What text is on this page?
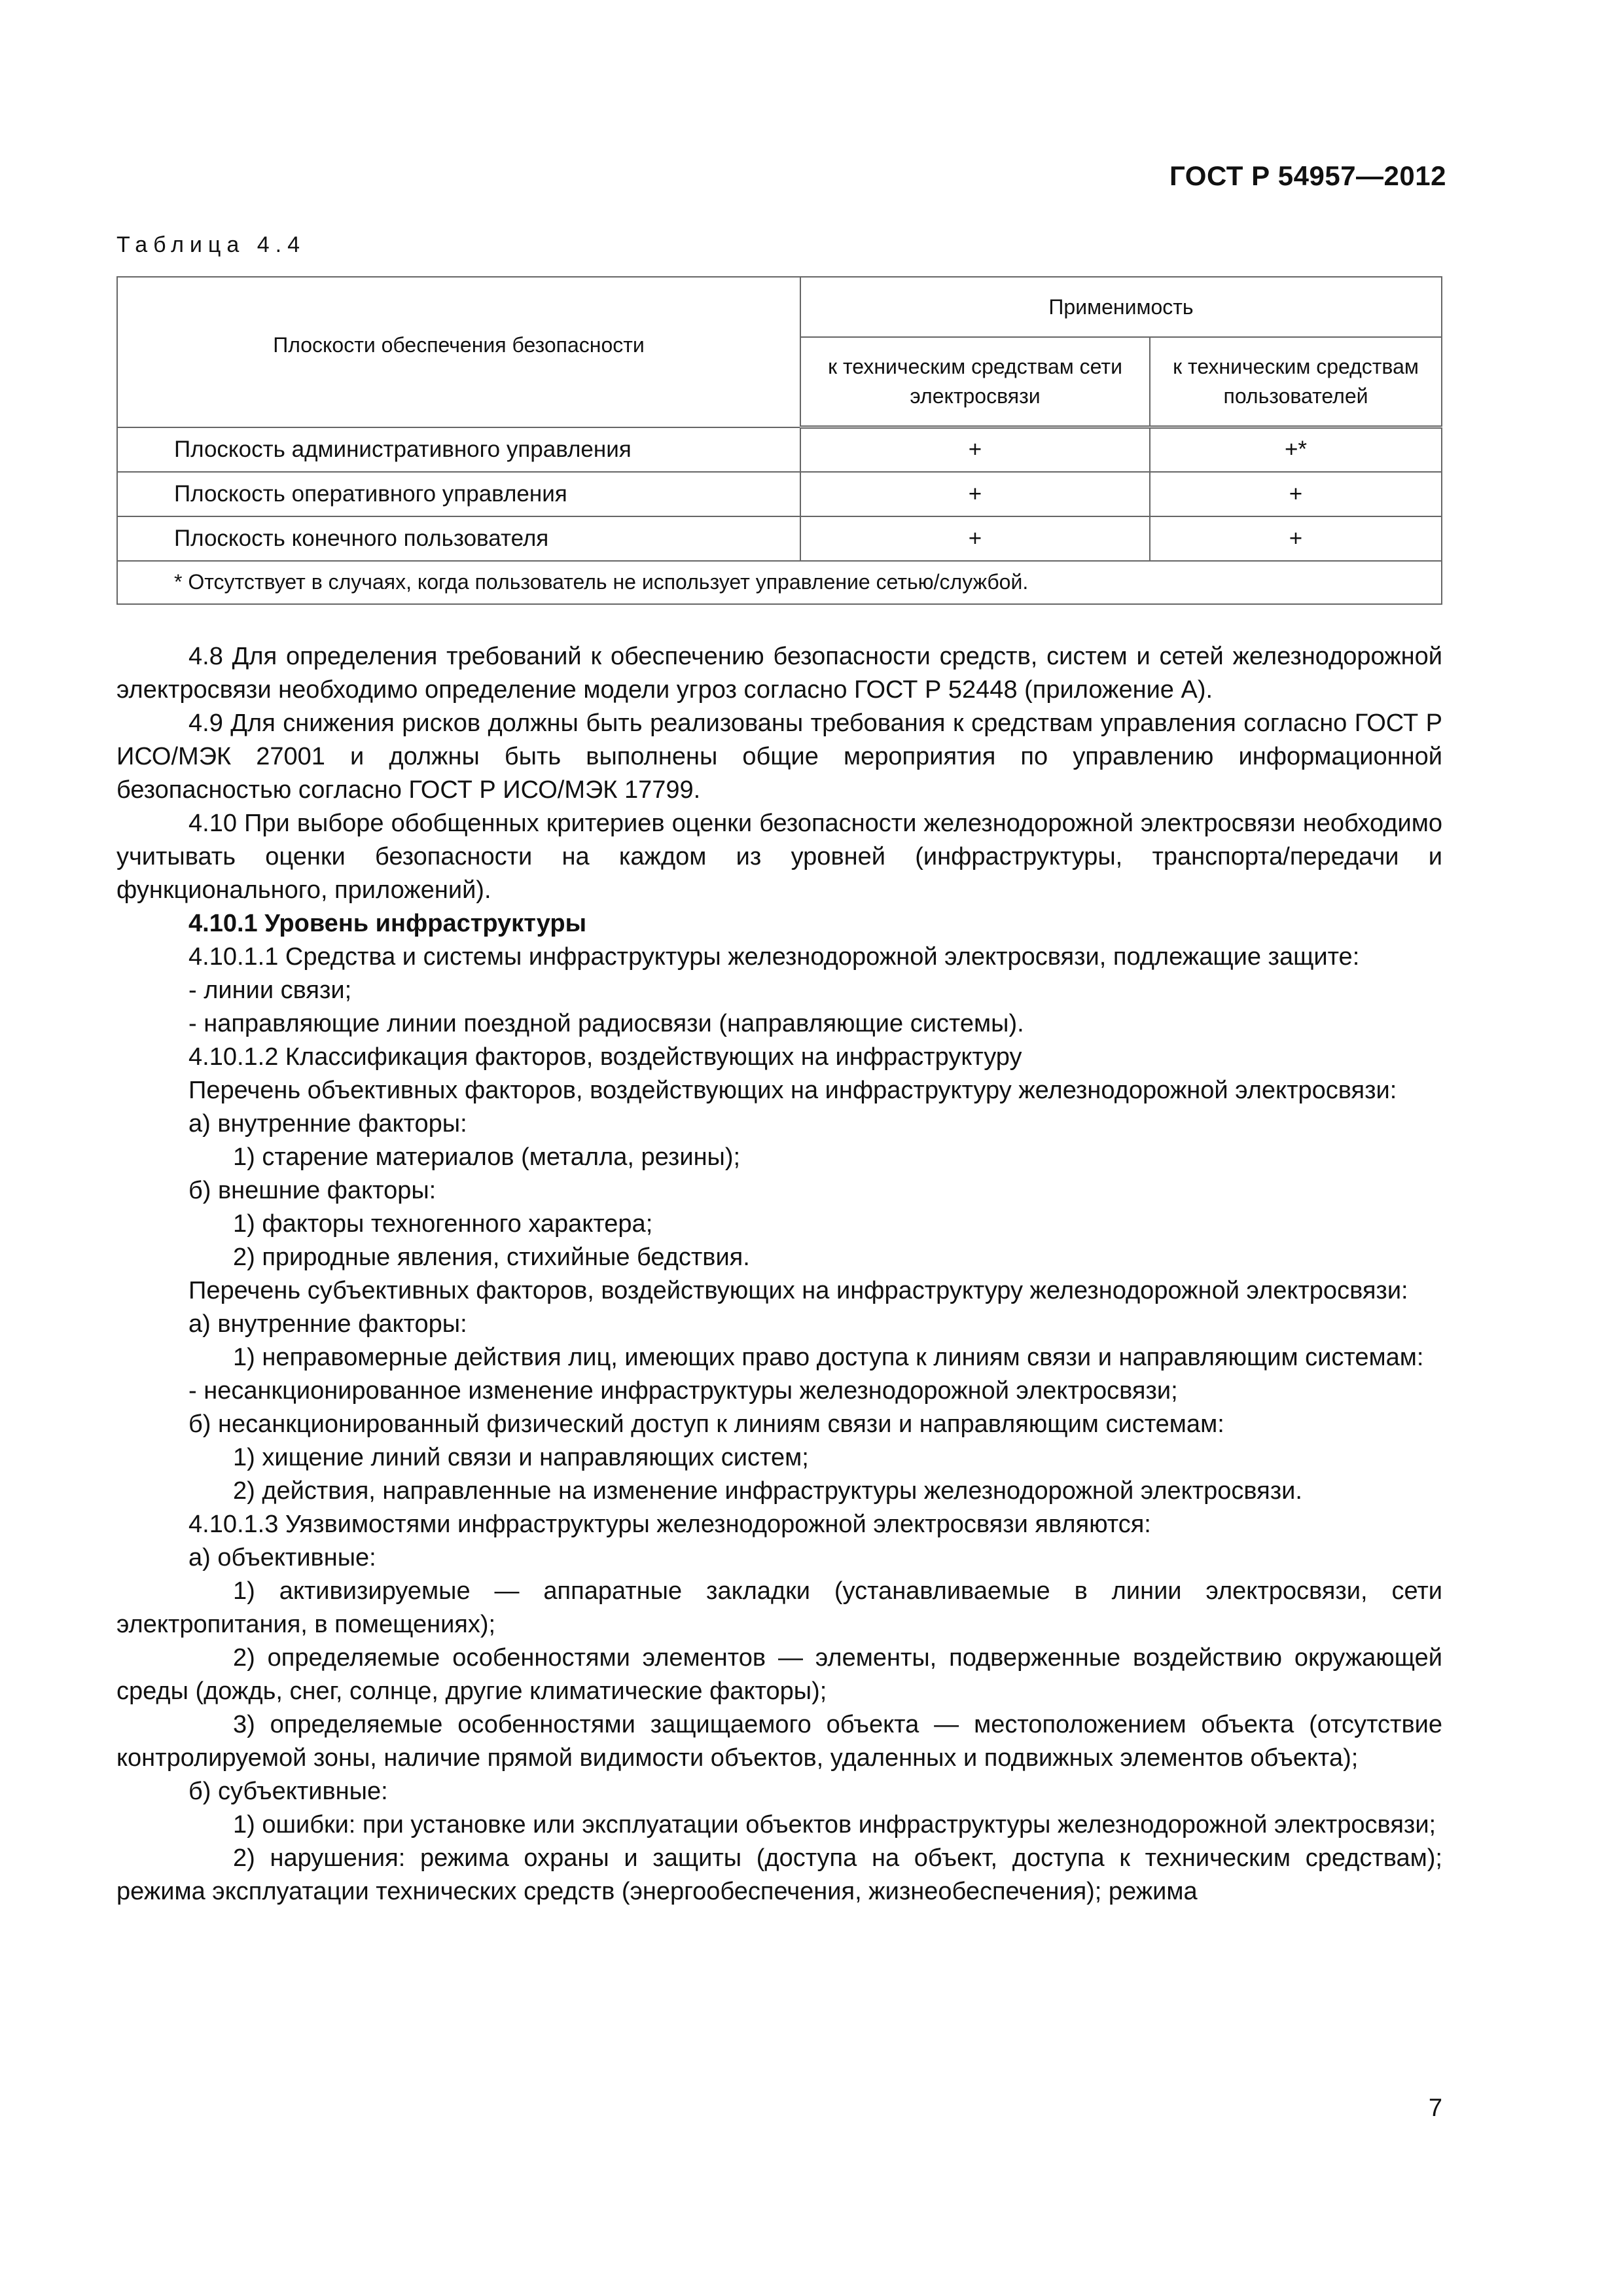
ГОСТ Р 54957—2012
Таблица 4.4
Плоскости обеспечения безопасности	Применимость	
	к техническим средствам сети электросвязи	к техническим средствам пользователей
Плоскость административного управления	+	+*
Плоскость оперативного управления	+	+
Плоскость конечного пользователя	+	+
* Отсутствует в случаях, когда пользователь не использует управление сетью/службой.		

4.8 Для определения требований к обеспечению безопасности средств, систем и сетей железнодорожной электросвязи необходимо определение модели угроз согласно ГОСТ Р 52448 (приложение А).

4.9 Для снижения рисков должны быть реализованы требования к средствам управления согласно ГОСТ Р ИСО/МЭК 27001 и должны быть выполнены общие мероприятия по управлению информационной безопасностью согласно ГОСТ Р ИСО/МЭК 17799.

4.10 При выборе обобщенных критериев оценки безопасности железнодорожной электросвязи необходимо учитывать оценки безопасности на каждом из уровней (инфраструктуры, транспорта/передачи и функционального, приложений).

4.10.1 Уровень инфраструктуры

4.10.1.1 Средства и системы инфраструктуры железнодорожной электросвязи, подлежащие защите:

- линии связи;

- направляющие линии поездной радиосвязи (направляющие системы).

4.10.1.2 Классификация факторов, воздействующих на инфраструктуру

Перечень объективных факторов, воздействующих на инфраструктуру железнодорожной электросвязи:

а) внутренние факторы:

1) старение материалов (металла, резины);

б) внешние факторы:

1) факторы техногенного характера;

2) природные явления, стихийные бедствия.

Перечень субъективных факторов, воздействующих на инфраструктуру железнодорожной электросвязи:

а) внутренние факторы:

1) неправомерные действия лиц, имеющих право доступа к линиям связи и направляющим системам:

- несанкционированное изменение инфраструктуры железнодорожной электросвязи;

б) несанкционированный физический доступ к линиям связи и направляющим системам:

1) хищение линий связи и направляющих систем;

2) действия, направленные на изменение инфраструктуры железнодорожной электросвязи.

4.10.1.3 Уязвимостями инфраструктуры железнодорожной электросвязи являются:

а) объективные:

1) активизируемые — аппаратные закладки (устанавливаемые в линии электросвязи, сети электропитания, в помещениях);

2) определяемые особенностями элементов — элементы, подверженные воздействию окружающей среды (дождь, снег, солнце, другие климатические факторы);

3) определяемые особенностями защищаемого объекта — местоположением объекта (отсутствие контролируемой зоны, наличие прямой видимости объектов, удаленных и подвижных элементов объекта);

б) субъективные:

1) ошибки: при установке или эксплуатации объектов инфраструктуры железнодорожной электросвязи;

2) нарушения: режима охраны и защиты (доступа на объект, доступа к техническим средствам); режима эксплуатации технических средств (энергообеспечения, жизнеобеспечения); режима

7
